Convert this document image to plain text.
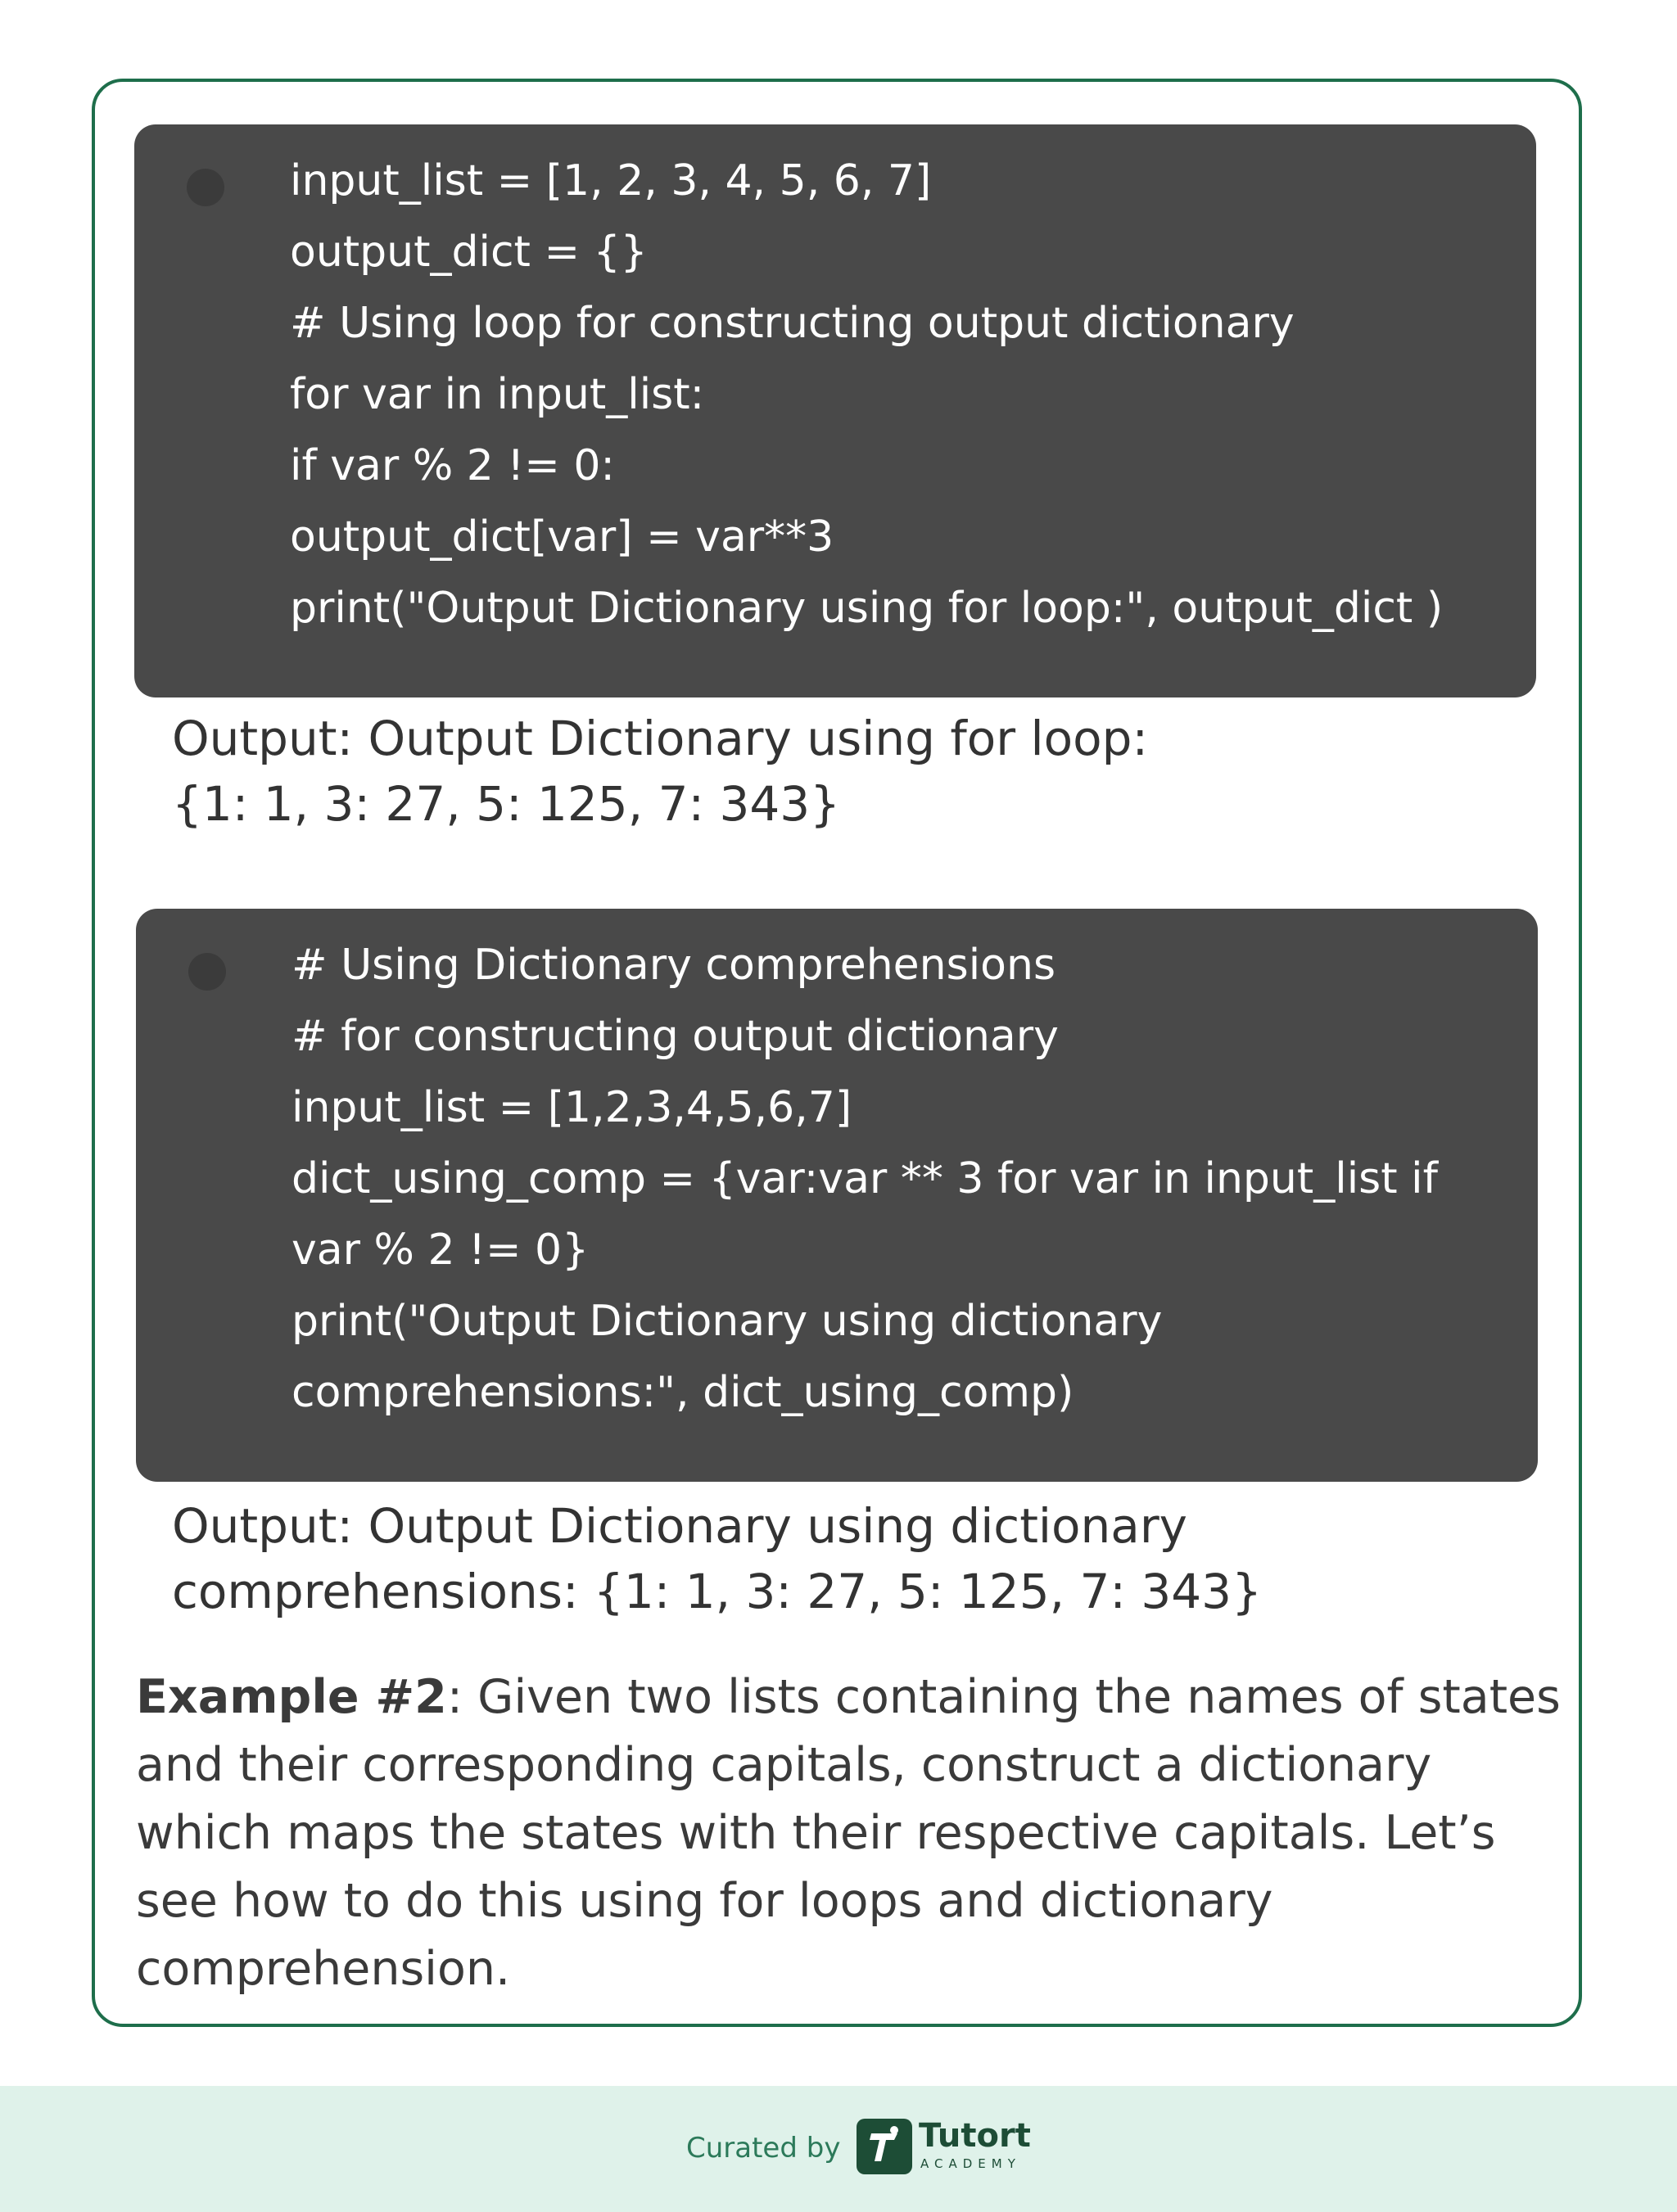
input_list = [1, 2, 3, 4, 5, 6, 7]
output_dict = {}
# Using loop for constructing output dictionary
for var in input_list:
if var % 2 != 0:
output_dict[var] = var**3
print("Output Dictionary using for loop:", output_dict )
Output: Output Dictionary using for loop:
{1: 1, 3: 27, 5: 125, 7: 343}
# Using Dictionary comprehensions
# for constructing output dictionary
input_list = [1,2,3,4,5,6,7]
dict_using_comp = {var:var ** 3 for var in input_list if
var % 2 != 0}
print("Output Dictionary using dictionary
comprehensions:", dict_using_comp)
Output: Output Dictionary using dictionary
comprehensions: {1: 1, 3: 27, 5: 125, 7: 343}
Example #2: Given two lists containing the names of states and their corresponding capitals, construct a dictionary which maps the states with their respective capitals. Let’s see how to do this using for loops and dictionary comprehension.
Curated by Tutort
ACADEMY
